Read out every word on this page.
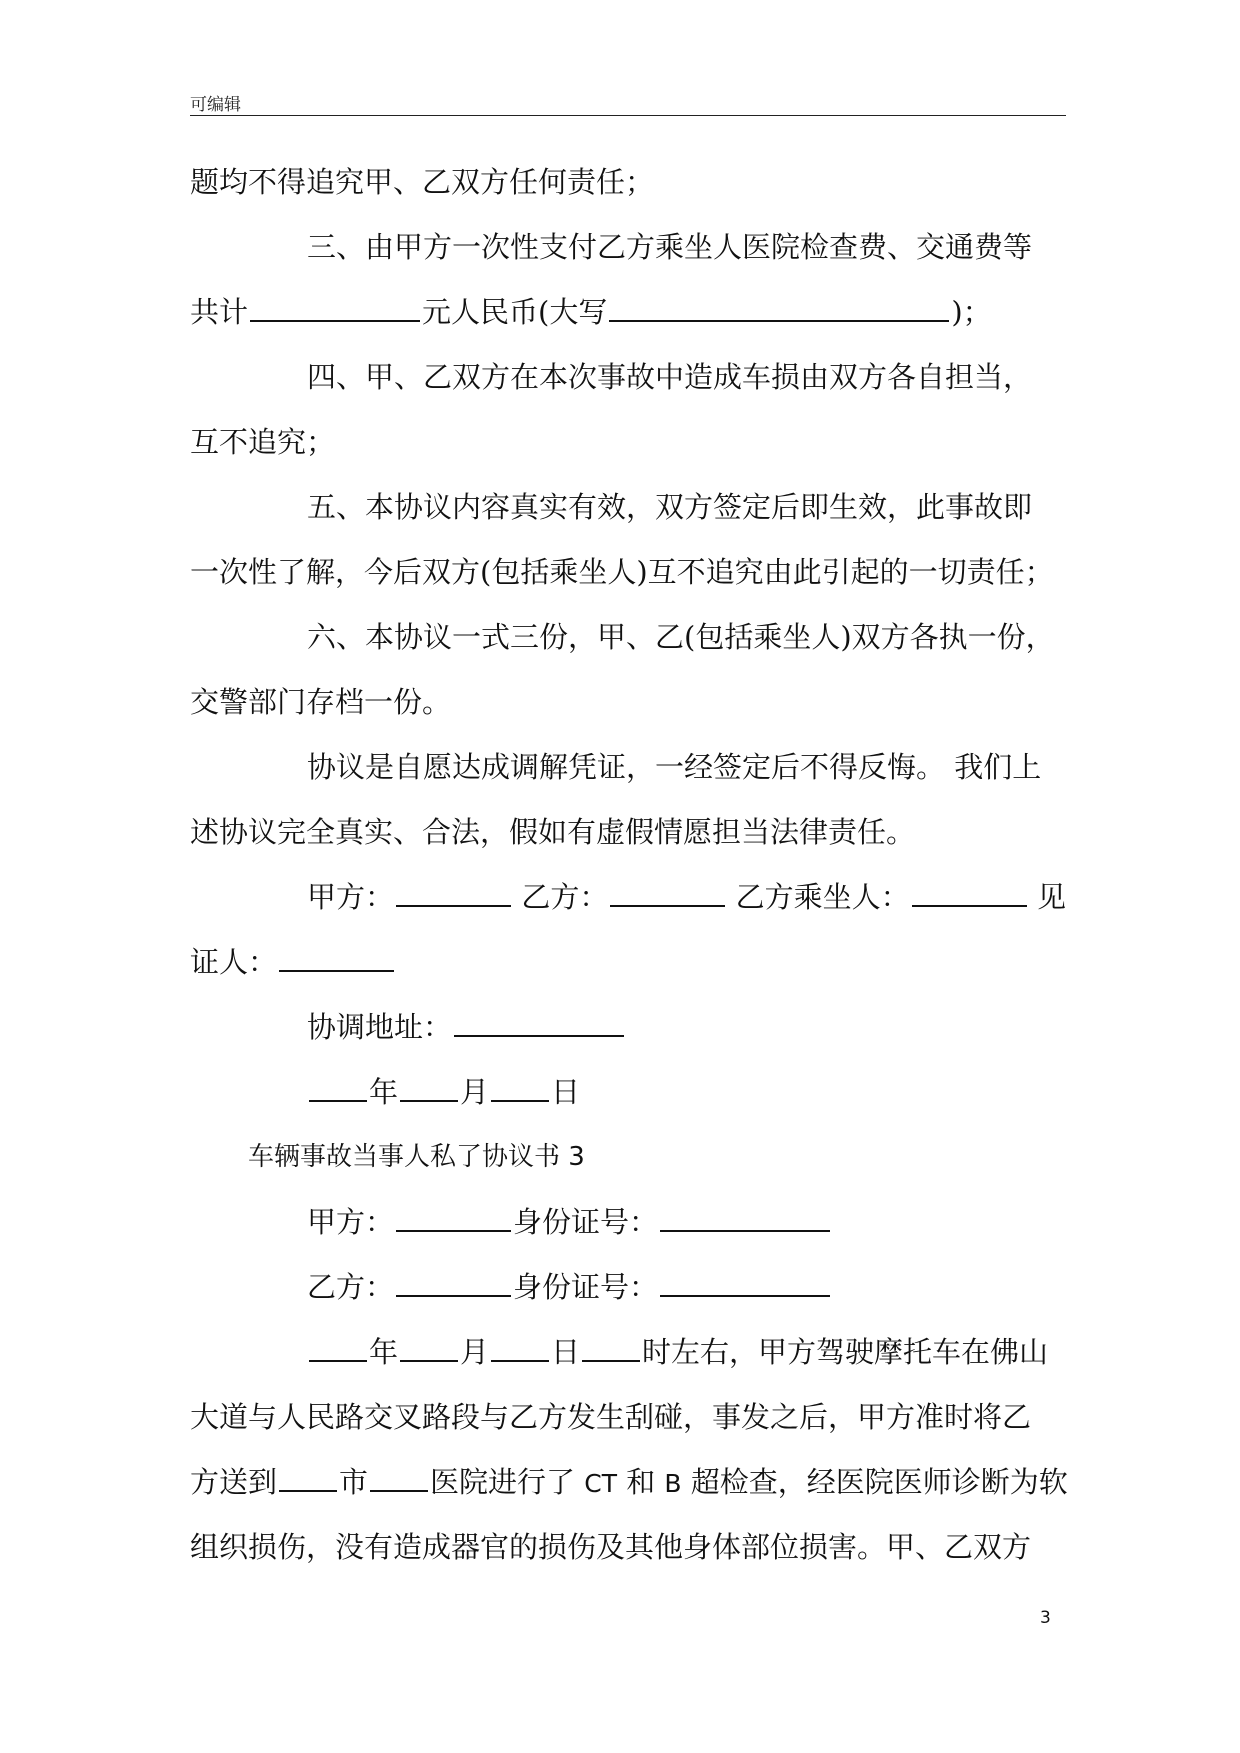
可编辑
题均不得追究甲、乙双方任何责任；
三、由甲方一次性支付乙方乘坐人医院检查费、交通费等
共计	元人民币(大写	)；
四、甲、乙双方在本次事故中造成车损由双方各自担当，
互不追究；
五、本协议内容真实有效，双方签定后即生效，此事故即
一次性了解，今后双方(包括乘坐人)互不追究由此引起的一切责任；
六、本协议一式三份，甲、乙(包括乘坐人)双方各执一份，
交警部门存档一份。
协议是自愿达成调解凭证，一经签定后不得反悔。 我们上
述协议完全真实、合法，假如有虚假情愿担当法律责任。
甲方：	乙方：	乙方乘坐人：	见
证人：
协调地址：
年 月 日
车辆事故当事人私了协议书 3
甲方：	身份证号：
乙方：	身份证号：
年 月 日 时左右，甲方驾驶摩托车在佛山
大道与人民路交叉路段与乙方发生刮碰，事发之后，甲方准时将乙
方送到 市 医院进行了 CT 和 B 超检查，经医院医师诊断为软
组织损伤，没有造成器官的损伤及其他身体部位损害。甲、乙双方
3
